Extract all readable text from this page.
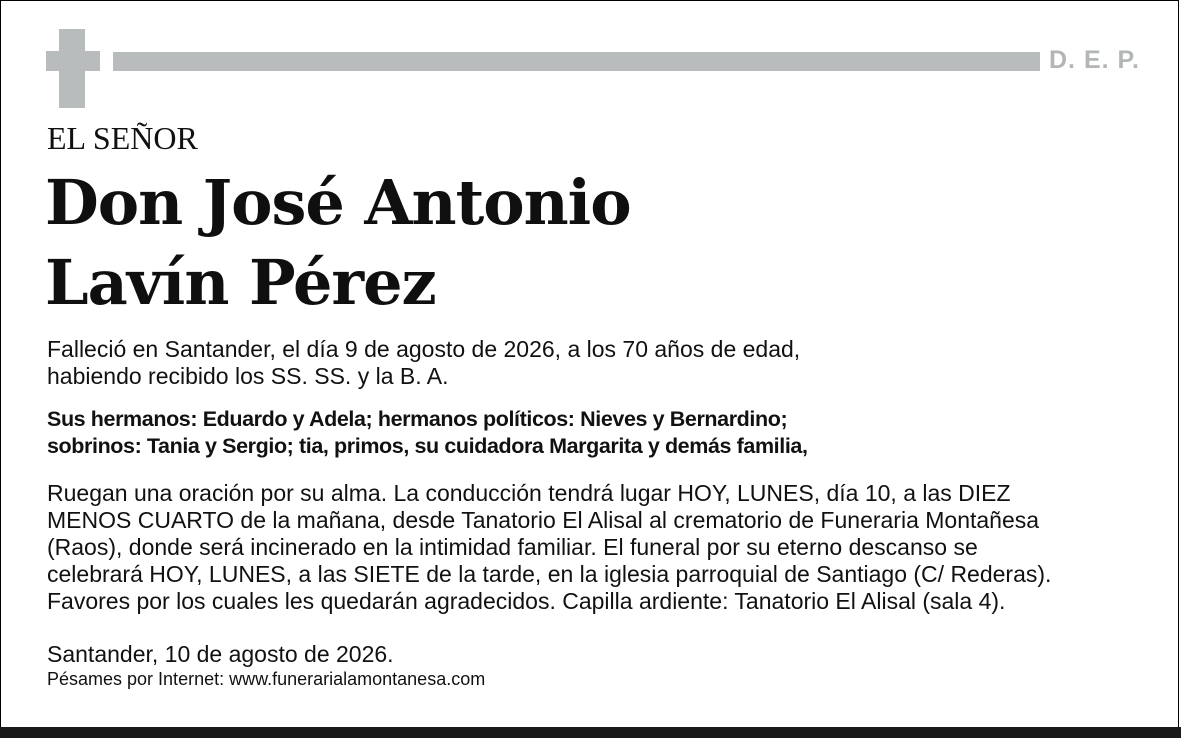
D. E. P.
EL SEÑOR
Don José Antonio
Lavín Pérez
Falleció en Santander, el día 9 de agosto de 2026, a los 70 años de edad,
habiendo recibido los SS. SS. y la B. A.
Sus hermanos: Eduardo y Adela; hermanos políticos: Nieves y Bernardino;
sobrinos: Tania y Sergio; tia, primos, su cuidadora Margarita y demás familia,
Ruegan una oración por su alma. La conducción tendrá lugar HOY, LUNES, día 10, a las DIEZ
MENOS CUARTO de la mañana, desde Tanatorio El Alisal al crematorio de Funeraria Montañesa
(Raos), donde será incinerado en la intimidad familiar. El funeral por su eterno descanso se
celebrará HOY, LUNES, a las SIETE de la tarde, en la iglesia parroquial de Santiago (C/ Rederas).
Favores por los cuales les quedarán agradecidos. Capilla ardiente: Tanatorio El Alisal (sala 4).
Santander, 10 de agosto de 2026.
Pésames por Internet: www.funerarialamontanesa.com
